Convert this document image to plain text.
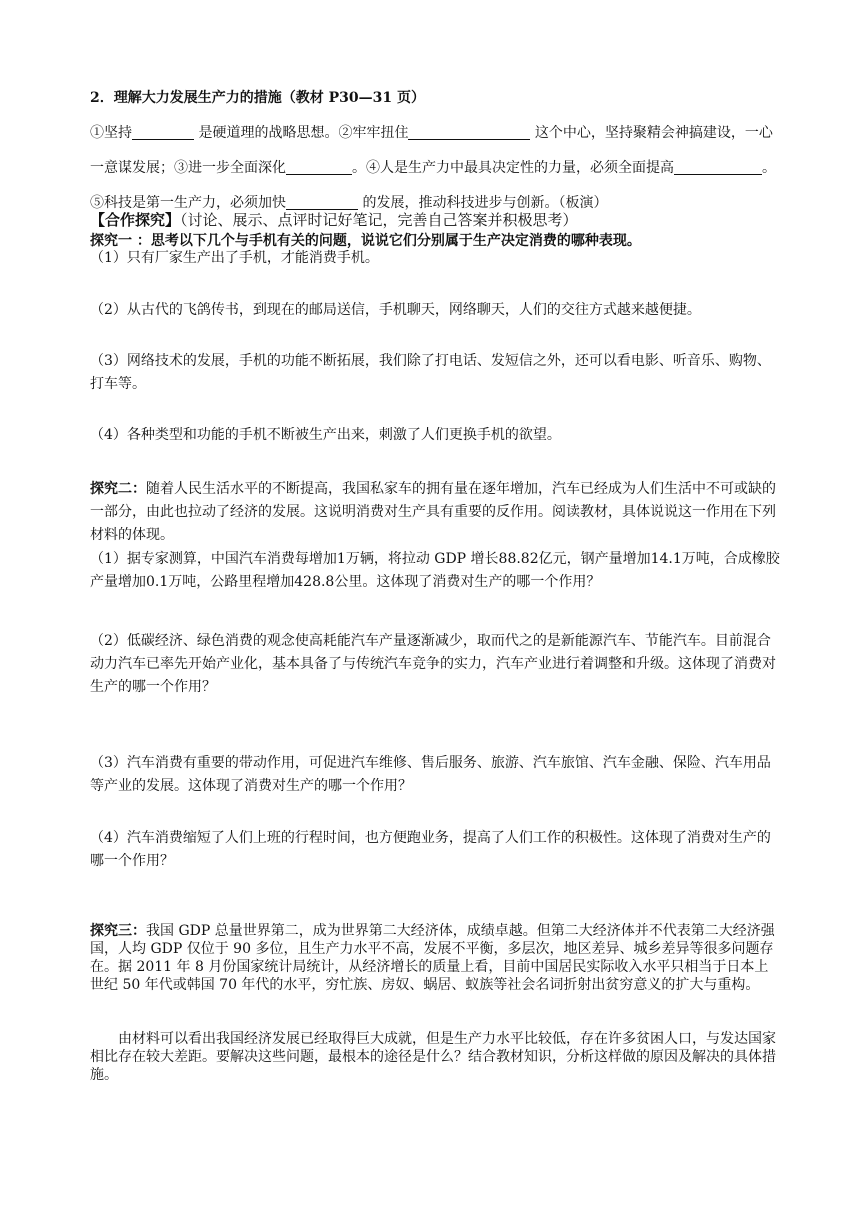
2．理解大力发展生产力的措施（教材 P30—31 页）
①坚持	是硬道理的战略思想。②牢牢扭住	这个中心，坚持聚精会神搞建设，一心一意谋发展；③进一步全面深化	。④人是生产力中最具决定性的力量，必须全面提高	。⑤科技是第一生产力，必须加快	的发展，推动科技进步与创新。（板演）
【合作探究】（讨论、展示、点评时记好笔记，完善自己答案并积极思考）
探究一 ：思考以下几个与手机有关的问题，说说它们分别属于生产决定消费的哪种表现。
（1）只有厂家生产出了手机，才能消费手机。
（2）从古代的飞鸽传书，到现在的邮局送信，手机聊天，网络聊天，人们的交往方式越来越便捷。
（3）网络技术的发展，手机的功能不断拓展，我们除了打电话、发短信之外，还可以看电影、听音乐、购物、打车等。
（4）各种类型和功能的手机不断被生产出来，刺激了人们更换手机的欲望。
探究二：随着人民生活水平的不断提高，我国私家车的拥有量在逐年增加，汽车已经成为人们生活中不可或缺的一部分，由此也拉动了经济的发展。这说明消费对生产具有重要的反作用。阅读教材，具体说说这一作用在下列材料的体现。
（1）据专家测算，中国汽车消费每增加1万辆，将拉动 GDP 增长88.82亿元，钢产量增加14.1万吨，合成橡胶产量增加0.1万吨，公路里程增加428.8公里。这体现了消费对生产的哪一个作用？
（2）低碳经济、绿色消费的观念使高耗能汽车产量逐渐减少，取而代之的是新能源汽车、节能汽车。目前混合动力汽车已率先开始产业化，基本具备了与传统汽车竞争的实力，汽车产业进行着调整和升级。这体现了消费对生产的哪一个作用？
（3）汽车消费有重要的带动作用，可促进汽车维修、售后服务、旅游、汽车旅馆、汽车金融、保险、汽车用品等产业的发展。这体现了消费对生产的哪一个作用？
（4）汽车消费缩短了人们上班的行程时间，也方便跑业务，提高了人们工作的积极性。这体现了消费对生产的哪一个作用？
探究三：我国 GDP 总量世界第二，成为世界第二大经济体，成绩卓越。但第二大经济体并不代表第二大经济强国，人均 GDP 仅位于 90 多位，且生产力水平不高，发展不平衡，多层次，地区差异、城乡差异等很多问题存在。据 2011 年 8 月份国家统计局统计，从经济增长的质量上看，目前中国居民实际收入水平只相当于日本上世纪 50 年代或韩国 70 年代的水平，穷忙族、房奴、蜗居、蚁族等社会名词折射出贫穷意义的扩大与重构。
由材料可以看出我国经济发展已经取得巨大成就，但是生产力水平比较低，存在许多贫困人口，与发达国家相比存在较大差距。要解决这些问题，最根本的途径是什么？结合教材知识，分析这样做的原因及解决的具体措施。
